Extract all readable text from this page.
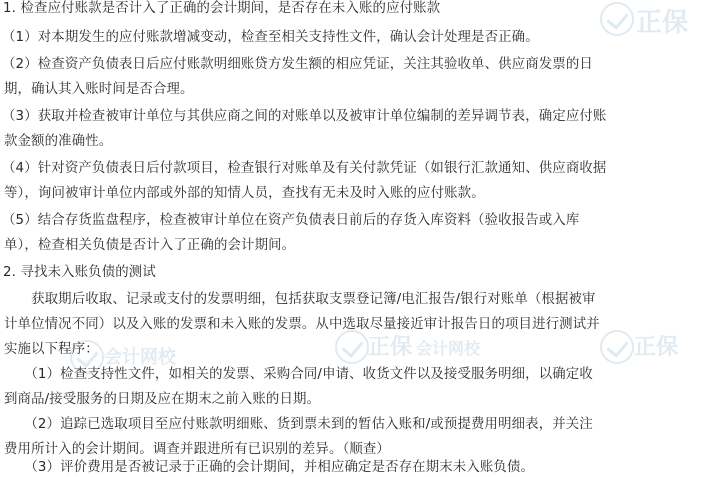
正保
会计网校	正保 会计网校	正保
1. 检查应付账款是否计入了正确的会计期间，是否存在未入账的应付账款
（1）对本期发生的应付账款增减变动，检查至相关支持性文件，确认会计处理是否正确。
（2）检查资产负债表日后应付账款明细账贷方发生额的相应凭证，关注其验收单、供应商发票的日
期，确认其入账时间是否合理。
（3）获取并检查被审计单位与其供应商之间的对账单以及被审计单位编制的差异调节表，确定应付账
款金额的准确性。
（4）针对资产负债表日后付款项目，检查银行对账单及有关付款凭证（如银行汇款通知、供应商收据
等），询问被审计单位内部或外部的知情人员，查找有无未及时入账的应付账款。
（5）结合存货监盘程序，检查被审计单位在资产负债表日前后的存货入库资料（验收报告或入库
单），检查相关负债是否计入了正确的会计期间。
2. 寻找未入账负债的测试
　　获取期后收取、记录或支付的发票明细，包括获取支票登记簿/电汇报告/银行对账单（根据被审
计单位情况不同）以及入账的发票和未入账的发票。从中选取尽量接近审计报告日的项目进行测试并
实施以下程序：
　　（1）检查支持性文件，如相关的发票、采购合同/申请、收货文件以及接受服务明细，以确定收
到商品/接受服务的日期及应在期末之前入账的日期。
　　（2）追踪已选取项目至应付账款明细账、货到票未到的暂估入账和/或预提费用明细表，并关注
费用所计入的会计期间。调查并跟进所有已识别的差异。（顺查）
　　（3）评价费用是否被记录于正确的会计期间，并相应确定是否存在期末未入账负债。
